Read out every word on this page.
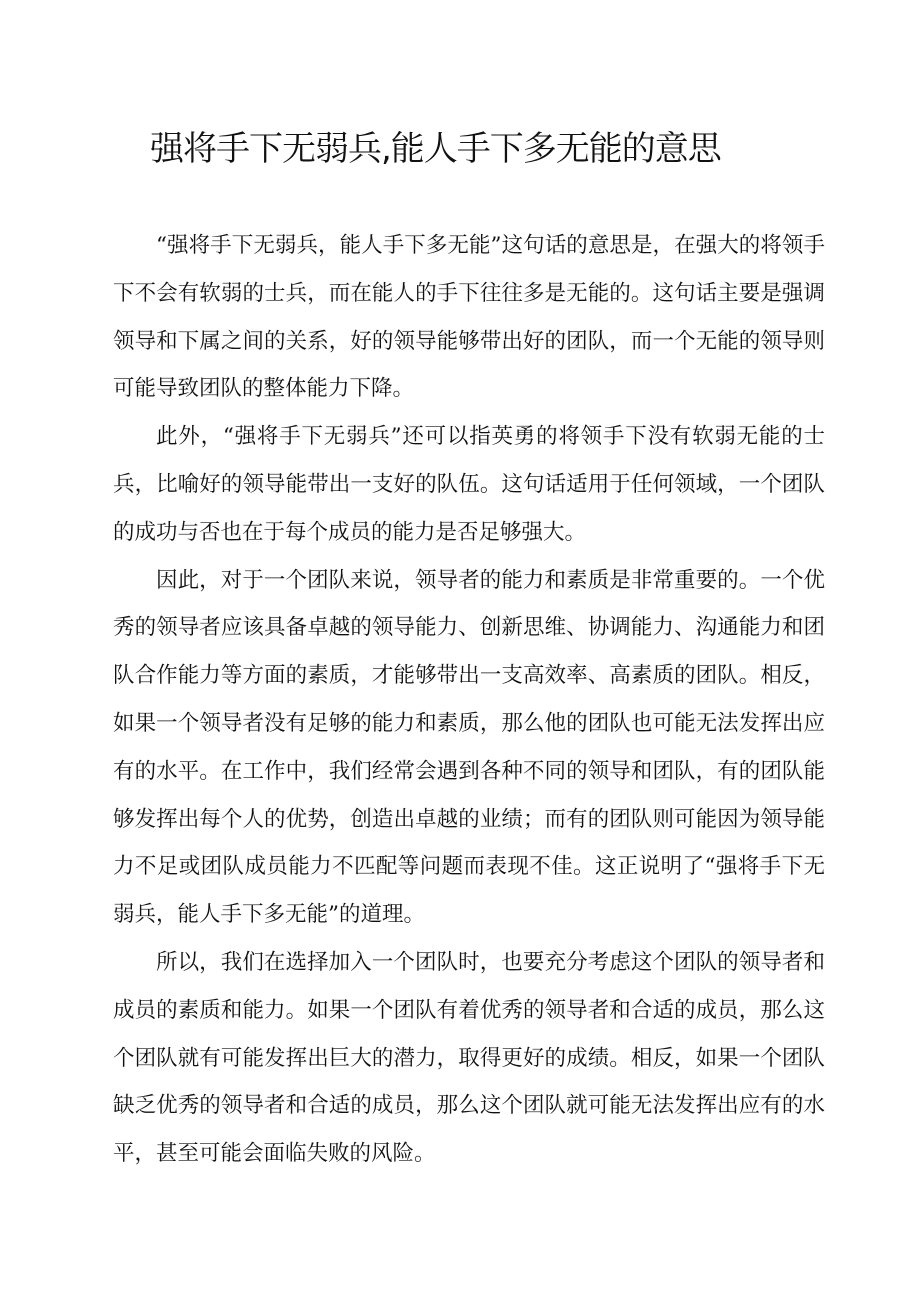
强将手下无弱兵,能人手下多无能的意思

“强将手下无弱兵，能人手下多无能”这句话的意思是，在强大的将领手下不会有软弱的士兵，而在能人的手下往往多是无能的。这句话主要是强调领导和下属之间的关系，好的领导能够带出好的团队，而一个无能的领导则可能导致团队的整体能力下降。

此外，“强将手下无弱兵”还可以指英勇的将领手下没有软弱无能的士兵，比喻好的领导能带出一支好的队伍。这句话适用于任何领域，一个团队的成功与否也在于每个成员的能力是否足够强大。

因此，对于一个团队来说，领导者的能力和素质是非常重要的。一个优秀的领导者应该具备卓越的领导能力、创新思维、协调能力、沟通能力和团队合作能力等方面的素质，才能够带出一支高效率、高素质的团队。相反，如果一个领导者没有足够的能力和素质，那么他的团队也可能无法发挥出应有的水平。在工作中，我们经常会遇到各种不同的领导和团队，有的团队能够发挥出每个人的优势，创造出卓越的业绩；而有的团队则可能因为领导能力不足或团队成员能力不匹配等问题而表现不佳。这正说明了“强将手下无弱兵，能人手下多无能”的道理。

所以，我们在选择加入一个团队时，也要充分考虑这个团队的领导者和成员的素质和能力。如果一个团队有着优秀的领导者和合适的成员，那么这个团队就有可能发挥出巨大的潜力，取得更好的成绩。相反，如果一个团队缺乏优秀的领导者和合适的成员，那么这个团队就可能无法发挥出应有的水平，甚至可能会面临失败的风险。
